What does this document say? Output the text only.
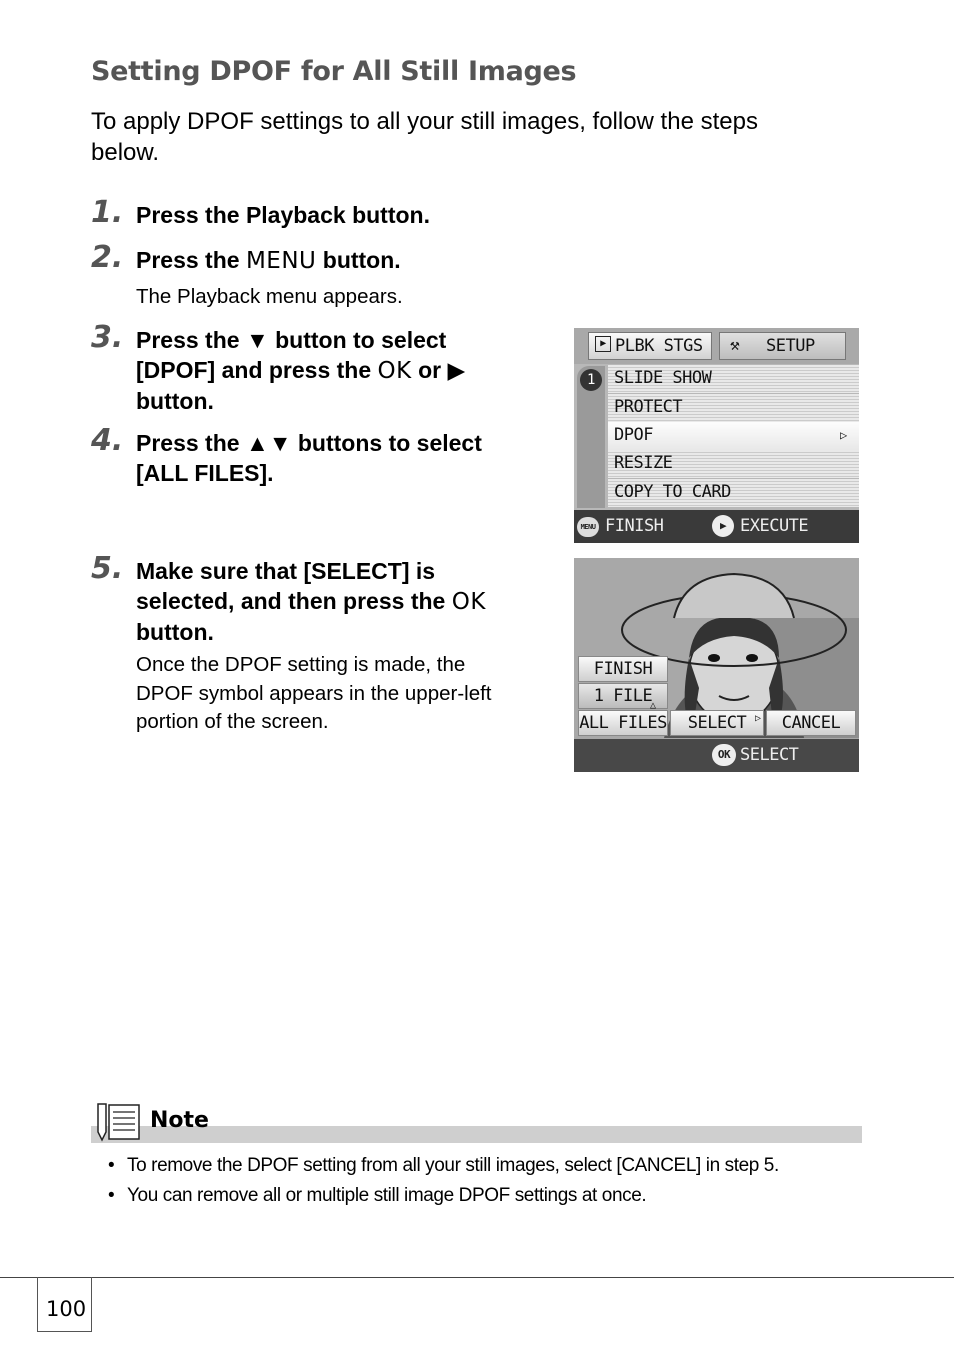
Setting DPOF for All Still Images
To apply DPOF settings to all your still images, follow the steps below.
1. Press the Playback button.
2. Press the MENU button.
The Playback menu appears.
3. Press the ▼ button to select
[DPOF] and press the OK or ▶
button.
4. Press the ▲▼ buttons to select
[ALL FILES].
5. Make sure that [SELECT] is
selected, and then press the OK
button.
Once the DPOF setting is made, the
DPOF symbol appears in the upper-left
portion of the screen.
▶ PLBK STGS ⚒ SETUP
1	SLIDE SHOW
PROTECT
DPOF	▷
RESIZE
COPY TO CARD
MENU FINISH	▶ EXECUTE
FINISH
1 FILE
ALL FILES
△
SELECT ▷	CANCEL
OK SELECT
Note
• To remove the DPOF setting from all your still images, select [CANCEL] in step 5.
• You can remove all or multiple still image DPOF settings at once.
100
